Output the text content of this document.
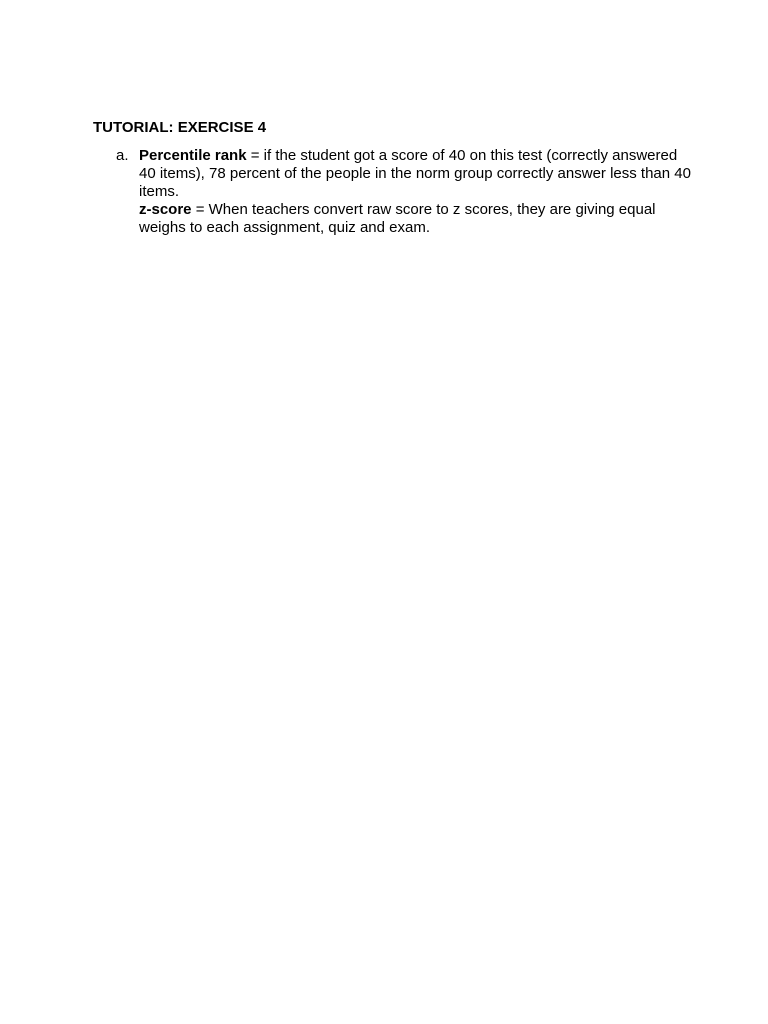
TUTORIAL: EXERCISE 4
a. Percentile rank = if the student got a score of 40 on this test (correctly answered 40 items), 78 percent of the people in the norm group correctly answer less than 40 items.

z-score = When teachers convert raw score to z scores, they are giving equal weighs to each assignment, quiz and exam.
